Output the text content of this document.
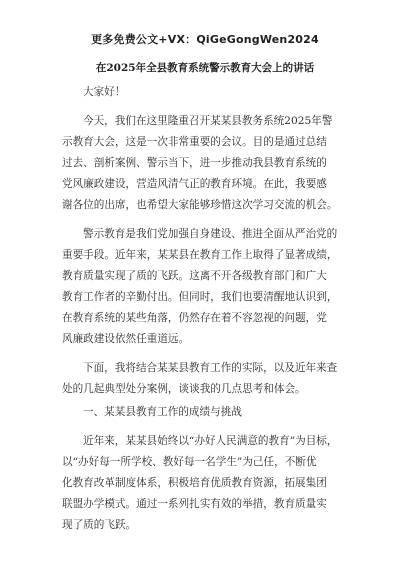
更多免费公文+VX：QiGeGongWen2024
在2025年全县教育系统警示教育大会上的讲话
大家好！
今天，我们在这里隆重召开某某县教务系统2025年警
示教育大会，这是一次非常重要的会议。目的是通过总结
过去、剖析案例、警示当下，进一步推动我县教育系统的
党风廉政建设，营造风清气正的教育环境。在此，我要感
谢各位的出席，也希望大家能够珍惜这次学习交流的机会。
警示教育是我们党加强自身建设、推进全面从严治党的
重要手段。近年来，某某县在教育工作上取得了显著成绩，
教育质量实现了质的飞跃。这离不开各级教育部门和广大
教育工作者的辛勤付出。但同时，我们也要清醒地认识到，
在教育系统的某些角落，仍然存在着不容忽视的问题，党
风廉政建设依然任重道远。
下面，我将结合某某县教育工作的实际，以及近年来查
处的几起典型处分案例，谈谈我的几点思考和体会。
一、某某县教育工作的成绩与挑战
近年来，某某县始终以“办好人民满意的教育”为目标，
以“办好每一所学校、教好每一名学生”为己任，不断优
化教育改革制度体系，积极培育优质教育资源，拓展集团
联盟办学模式。通过一系列扎实有效的举措，教育质量实
现了质的飞跃。
